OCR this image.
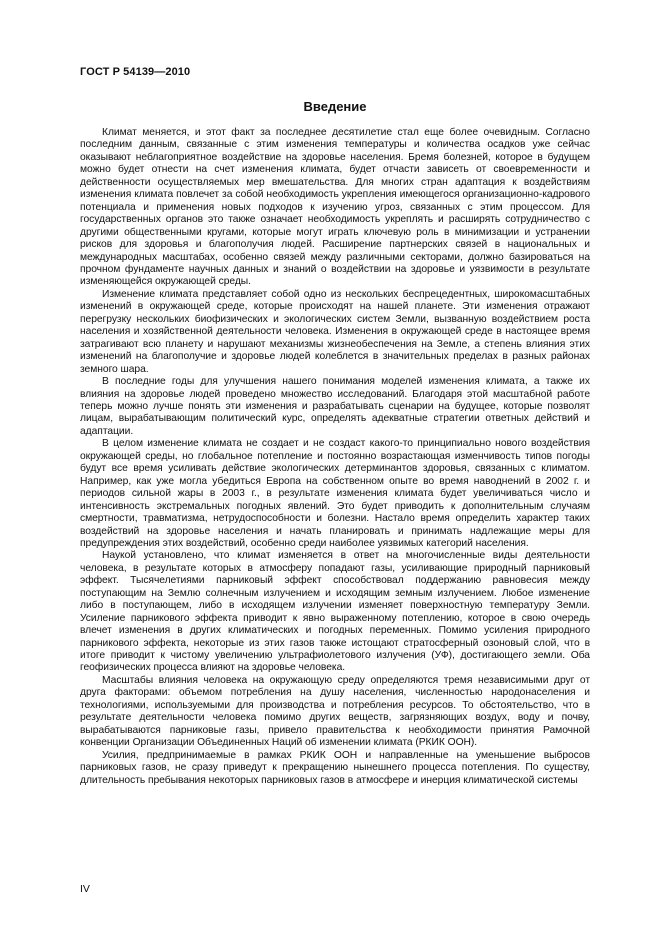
ГОСТ Р 54139—2010
Введение

Климат меняется, и этот факт за последнее десятилетие стал еще более очевидным. Согласно последним данным, связанные с этим изменения температуры и количества осадков уже сейчас оказывают неблагоприятное воздействие на здоровье населения. Бремя болезней, которое в будущем можно будет отнести на счет изменения климата, будет отчасти зависеть от своевременности и действенности осуществляемых мер вмешательства. Для многих стран адаптация к воздействиям изменения климата повлечет за собой необходимость укрепления имеющегося организационно-кадрового потенциала и применения новых подходов к изучению угроз, связанных с этим процессом. Для государственных органов это также означает необходимость укреплять и расширять сотрудничество с другими общественными кругами, которые могут играть ключевую роль в минимизации и устранении рисков для здоровья и благополучия людей. Расширение партнерских связей в национальных и международных масштабах, особенно связей между различными секторами, должно базироваться на прочном фундаменте научных данных и знаний о воздействии на здоровье и уязвимости в результате изменяющейся окружающей среды.

Изменение климата представляет собой одно из нескольких беспрецедентных, широкомасштабных изменений в окружающей среде, которые происходят на нашей планете. Эти изменения отражают перегрузку нескольких биофизических и экологических систем Земли, вызванную воздействием роста населения и хозяйственной деятельности человека. Изменения в окружающей среде в настоящее время затрагивают всю планету и нарушают механизмы жизнеобеспечения на Земле, а степень влияния этих изменений на благополучие и здоровье людей колеблется в значительных пределах в разных районах земного шара.

В последние годы для улучшения нашего понимания моделей изменения климата, а также их влияния на здоровье людей проведено множество исследований. Благодаря этой масштабной работе теперь можно лучше понять эти изменения и разрабатывать сценарии на будущее, которые позволят лицам, вырабатывающим политический курс, определять адекватные стратегии ответных действий и адаптации.

В целом изменение климата не создает и не создаст какого-то принципиально нового воздействия окружающей среды, но глобальное потепление и постоянно возрастающая изменчивость типов погоды будут все время усиливать действие экологических детерминантов здоровья, связанных с климатом. Например, как уже могла убедиться Европа на собственном опыте во время наводнений в 2002 г. и периодов сильной жары в 2003 г., в результате изменения климата будет увеличиваться число и интенсивность экстремальных погодных явлений. Это будет приводить к дополнительным случаям смертности, травматизма, нетрудоспособности и болезни. Настало время определить характер таких воздействий на здоровье населения и начать планировать и принимать надлежащие меры для предупреждения этих воздействий, особенно среди наиболее уязвимых категорий населения.

Наукой установлено, что климат изменяется в ответ на многочисленные виды деятельности человека, в результате которых в атмосферу попадают газы, усиливающие природный парниковый эффект. Тысячелетиями парниковый эффект способствовал поддержанию равновесия между поступающим на Землю солнечным излучением и исходящим земным излучением. Любое изменение либо в поступающем, либо в исходящем излучении изменяет поверхностную температуру Земли. Усиление парникового эффекта приводит к явно выраженному потеплению, которое в свою очередь влечет изменения в других климатических и погодных переменных. Помимо усиления природного парникового эффекта, некоторые из этих газов также истощают стратосферный озоновый слой, что в итоге приводит к чистому увеличению ультрафиолетового излучения (УФ), достигающего земли. Оба геофизических процесса влияют на здоровье человека.

Масштабы влияния человека на окружающую среду определяются тремя независимыми друг от друга факторами: объемом потребления на душу населения, численностью народонаселения и технологиями, используемыми для производства и потребления ресурсов. То обстоятельство, что в результате деятельности человека помимо других веществ, загрязняющих воздух, воду и почву, вырабатываются парниковые газы, привело правительства к необходимости принятия Рамочной конвенции Организации Объединенных Наций об изменении климата (РКИК ООН).

Усилия, предпринимаемые в рамках РКИК ООН и направленные на уменьшение выбросов парниковых газов, не сразу приведут к прекращению нынешнего процесса потепления. По существу, длительность пребывания некоторых парниковых газов в атмосфере и инерция климатической системы

IV
